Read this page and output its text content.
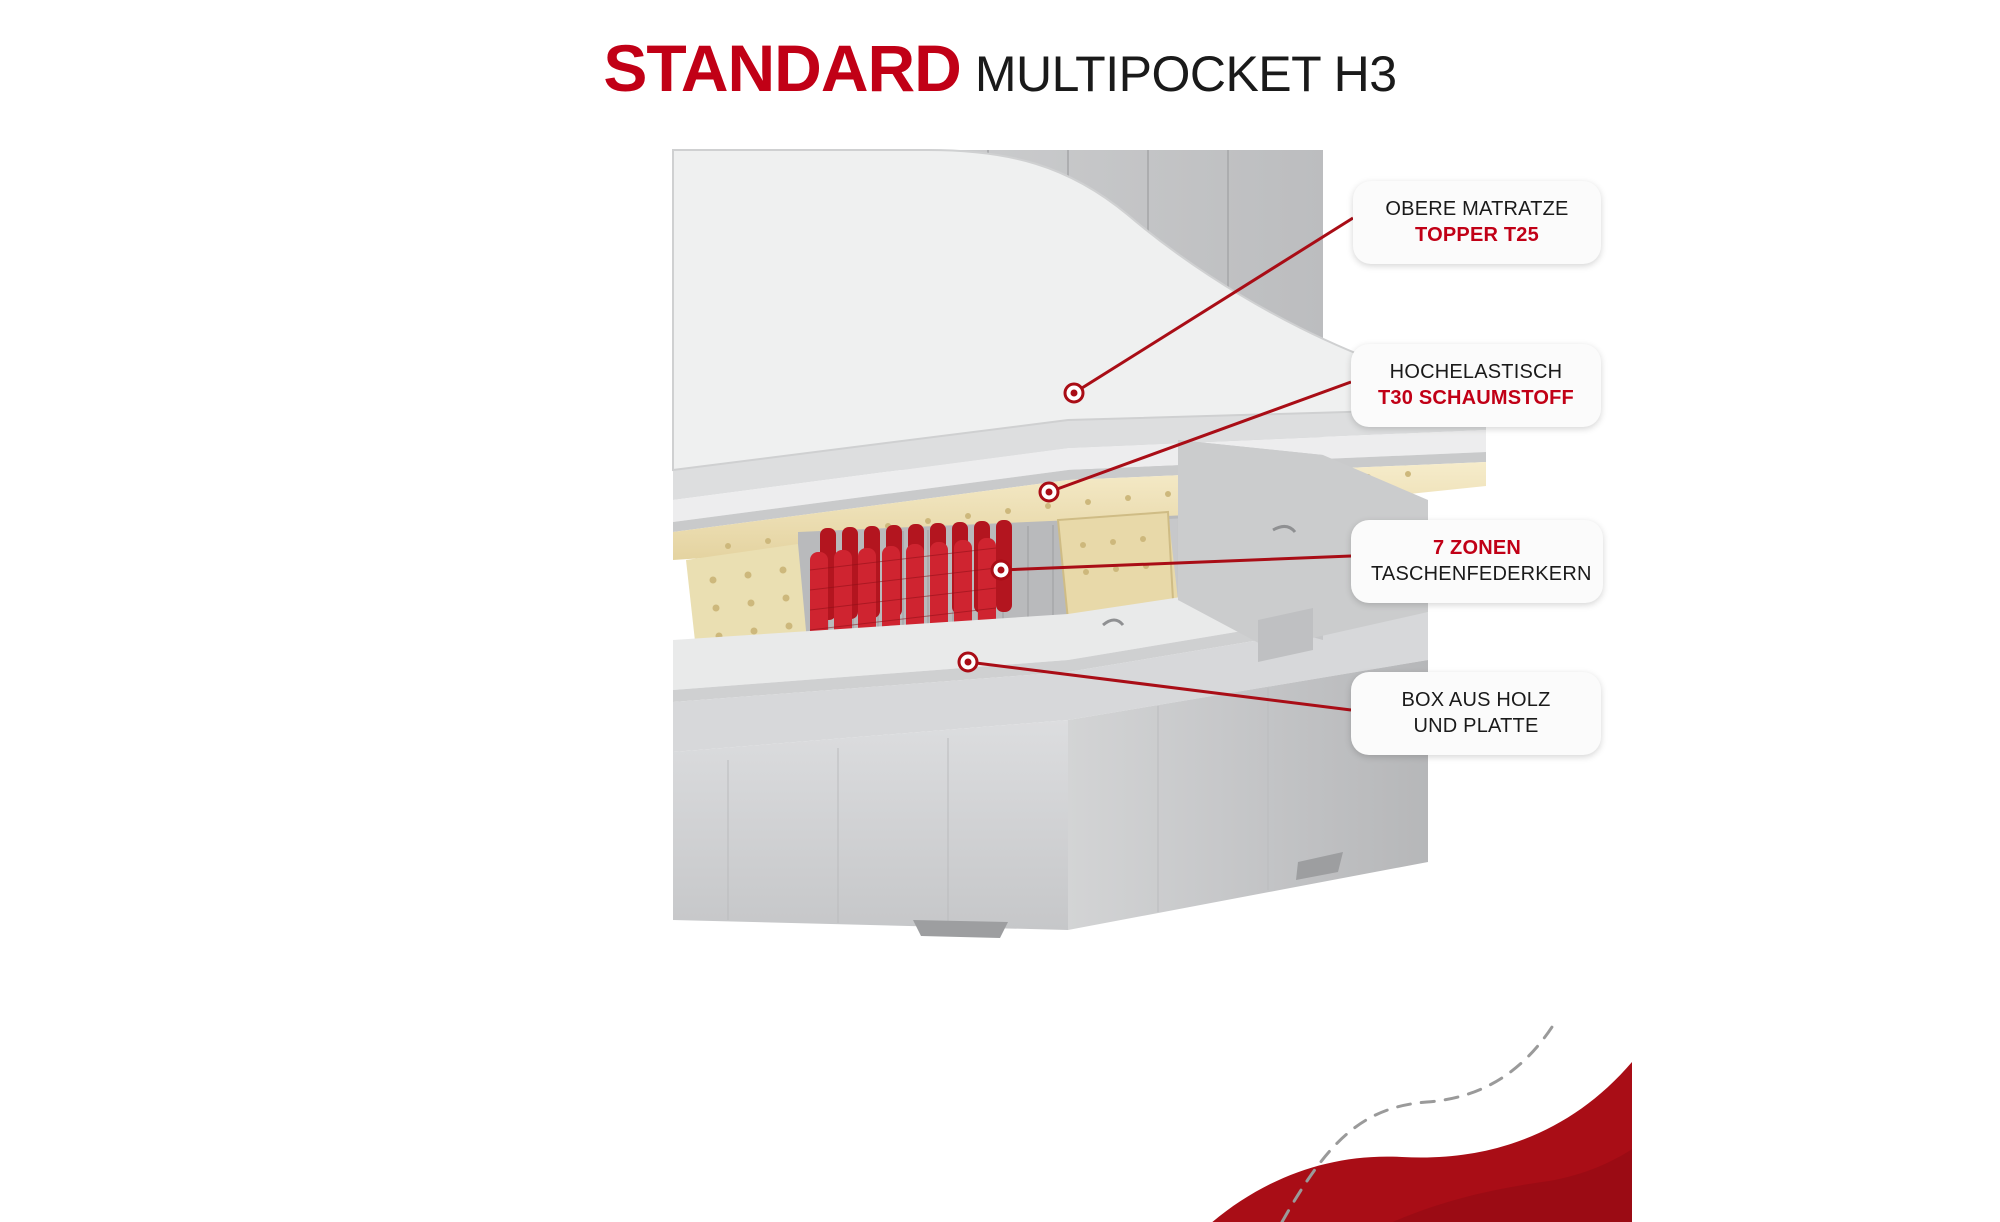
STANDARD MULTIPOCKET H3
OBERE MATRATZE
TOPPER T25
HOCHELASTISCH
T30 SCHAUMSTOFF
7 ZONEN
TASCHENFEDERKERN
BOX AUS HOLZ
UND PLATTE
